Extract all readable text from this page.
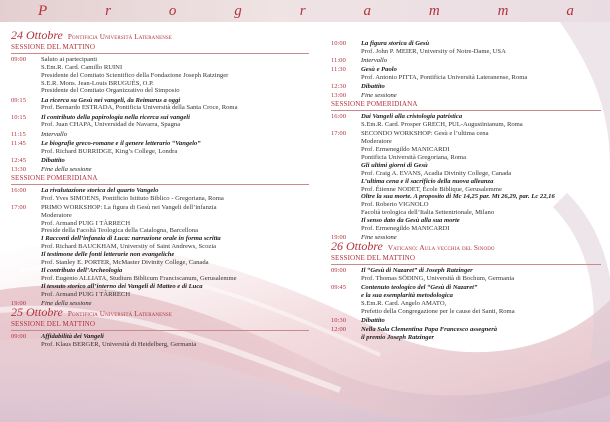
P	r	o	g	r	a	m	m	a
24 Ottobre Pontificia Università Lateranense
SESSIONE DEL MATTINO
09:00	Saluto ai partecipanti
S.Em.R. Card. Camillo RUINI
Presidente del Comitato Scientifico della Fondazione Joseph Ratzinger
S.E.R. Mons. Jean-Louis BRUGUÈS, O.P.
Presidente del Comitato Organizzativo del Simposio
09:15	La ricerca su Gesù nei vangeli, da Reimarus a oggi
Prof. Bernardo ESTRADA, Pontificia Università della Santa Croce, Roma
10:15	Il contributo della papirologia nella ricerca sui vangeli
Prof. Juan CHAPA, Universidad de Navarra, Spagna
11:15	Intervallo
11:45	Le biografie greco-romane e il genere letterario “Vangelo”
Prof. Richard BURRIDGE, King’s College, Londra
12:45	Dibattito
13:30	Fine della sessione
SESSIONE POMERIDIANA
16:00	La rivalutazione storica del quarto Vangelo
Prof. Yves SIMOENS, Pontificio Istituto Biblico - Gregoriana, Roma
17:00	PRIMO WORKSHOP: La figura di Gesù nei Vangeli dell’infanzia
Moderatore
Prof. Armand PUIG I TÀRRECH
Preside della Facoltà Teologica della Catalogna, Barcellona
I Racconti dell’infanzia di Luca: narrazione orale in forma scritta
Prof. Richard BAUCKHAM, University of Saint Andrews, Scozia
Il testimone delle fonti letterarie non evangeliche
Prof. Stanley E. PORTER, McMaster Divinity College, Canada
Il contributo dell’Archeologia
Prof. Eugenio ALLIATA, Studium Biblicum Franciscanum, Gerusalemme
Il tessuto storico all’interno dei Vangeli di Matteo e di Luca
Prof. Armand PUIG I TÀRRECH
19:00	Fine della sessione
25 Ottobre Pontificia Università Lateranense
SESSIONE DEL MATTINO
09:00	Affidabilità dei Vangeli
Prof. Klaus BERGER, Università di Heidelberg, Germania
10:00	La figura storica di Gesù
Prof. John P. MEIER, University of Notre-Dame, USA
11:00	Intervallo
11:30	Gesù e Paolo
Prof. Antonio PITTA, Pontificia Università Lateranense, Roma
12:30	Dibattito
13:00	Fine sessione
SESSIONE POMERIDIANA
16:00	Dai Vangeli alla cristologia patristica
S.Em.R. Card. Prosper GRECH, PUL-Augustinianum, Roma
17:00	SECONDO WORKSHOP: Gesù e l’ultima cena
Moderatore
Prof. Ermenegildo MANICARDI
Pontificia Università Gregoriana, Roma
Gli ultimi giorni di Gesù
Prof. Craig A. EVANS, Acadia Divinity College, Canada
L’ultima cena e il sacrificio della nuova alleanza
Prof. Étienne NODET, École Biblique, Gerusalemme
Oltre la sua morte. A proposito di Mc 14,25 par. Mt 26,29, par. Lc 22,16
Prof. Roberto VIGNOLO
Facoltà teologica dell’Italia Settentrionale, Milano
Il senso dato da Gesù alla sua morte
Prof. Ermenegildo MANICARDI
19:00	Fine sessione
26 Ottobre Vaticano: Aula vecchia del Sinodo
SESSIONE DEL MATTINO
09:00	Il “Gesù di Nazaret” di Joseph Ratzinger
Prof. Thomas SÖDING, Università di Bochum, Germania
09:45	Contenuto teologico del “Gesù di Nazaret”
e la sua esemplarità metodologica
S.Em.R. Card. Angelo AMATO,
Prefetto della Congregazione per le cause dei Santi, Roma
10:30	Dibattito
12:00	Nella Sala Clementina Papa Francesco assegnerà
il premio Joseph Ratzinger
